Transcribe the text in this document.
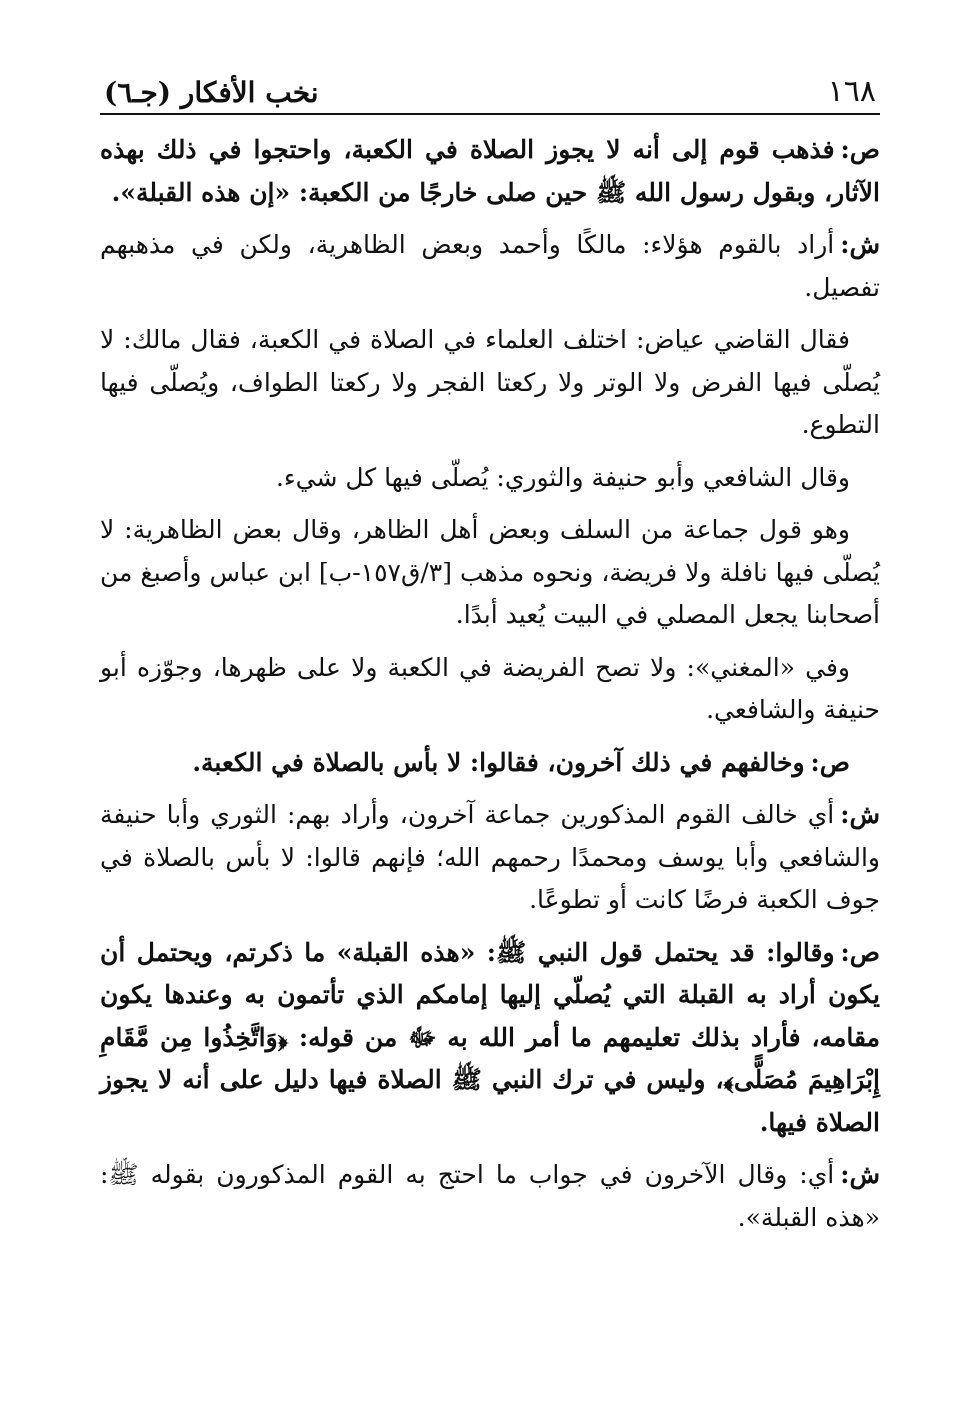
١٦٨
نخب الأفكار (جـ٦)

ص:فذهب قوم إلى أنه لا يجوز الصلاة في الكعبة، واحتجوا في ذلك بهذه الآثار، وبقول رسول الله ﷺ حين صلى خارجًا من الكعبة: «إن هذه القبلة».

ش:أراد بالقوم هؤلاء: مالكًا وأحمد وبعض الظاهرية، ولكن في مذهبهم تفصيل.

فقال القاضي عياض: اختلف العلماء في الصلاة في الكعبة، فقال مالك: لا يُصلّى فيها الفرض ولا الوتر ولا ركعتا الفجر ولا ركعتا الطواف، ويُصلّى فيها التطوع.

وقال الشافعي وأبو حنيفة والثوري: يُصلّى فيها كل شيء.

وهو قول جماعة من السلف وبعض أهل الظاهر، وقال بعض الظاهرية: لا يُصلّى فيها نافلة ولا فريضة، ونحوه مذهب [٣/ق١٥٧-ب] ابن عباس وأصبغ من أصحابنا يجعل المصلي في البيت يُعيد أبدًا.

وفي «المغني»: ولا تصح الفريضة في الكعبة ولا على ظهرها، وجوّزه أبو حنيفة والشافعي.

ص:وخالفهم في ذلك آخرون، فقالوا: لا بأس بالصلاة في الكعبة.

ش:أي خالف القوم المذكورين جماعة آخرون، وأراد بهم: الثوري وأبا حنيفة والشافعي وأبا يوسف ومحمدًا رحمهم الله؛ فإنهم قالوا: لا بأس بالصلاة في جوف الكعبة فرضًا كانت أو تطوعًا.

ص:وقالوا: قد يحتمل قول النبي ﷺ: «هذه القبلة» ما ذكرتم، ويحتمل أن يكون أراد به القبلة التي يُصلّي إليها إمامكم الذي تأتمون به وعندها يكون مقامه، فأراد بذلك تعليمهم ما أمر الله به ﷻ من قوله: ﴿وَاتَّخِذُوا مِن مَّقَامِ إِبْرَاهِيمَ مُصَلًّى﴾، وليس في ترك النبي ﷺ الصلاة فيها دليل على أنه لا يجوز الصلاة فيها.

ش:أي: وقال الآخرون في جواب ما احتج به القوم المذكورون بقوله ﷺ: «هذه القبلة».
